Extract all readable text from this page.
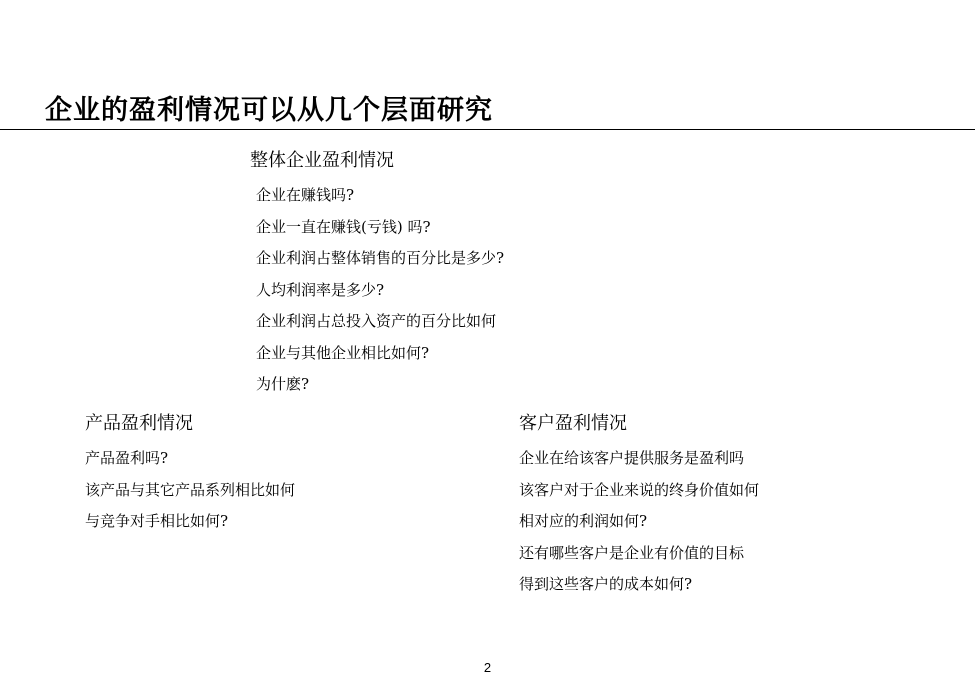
企业的盈利情况可以从几个层面研究
整体企业盈利情况
企业在赚钱吗?
企业一直在赚钱(亏钱) 吗?
企业利润占整体销售的百分比是多少?
人均利润率是多少?
企业利润占总投入资产的百分比如何
企业与其他企业相比如何?
为什麽?
产品盈利情况
产品盈利吗?
该产品与其它产品系列相比如何
与竞争对手相比如何?
客户盈利情况
企业在给该客户提供服务是盈利吗
该客户对于企业来说的终身价值如何
相对应的利润如何?
还有哪些客户是企业有价值的目标
得到这些客户的成本如何?
2
